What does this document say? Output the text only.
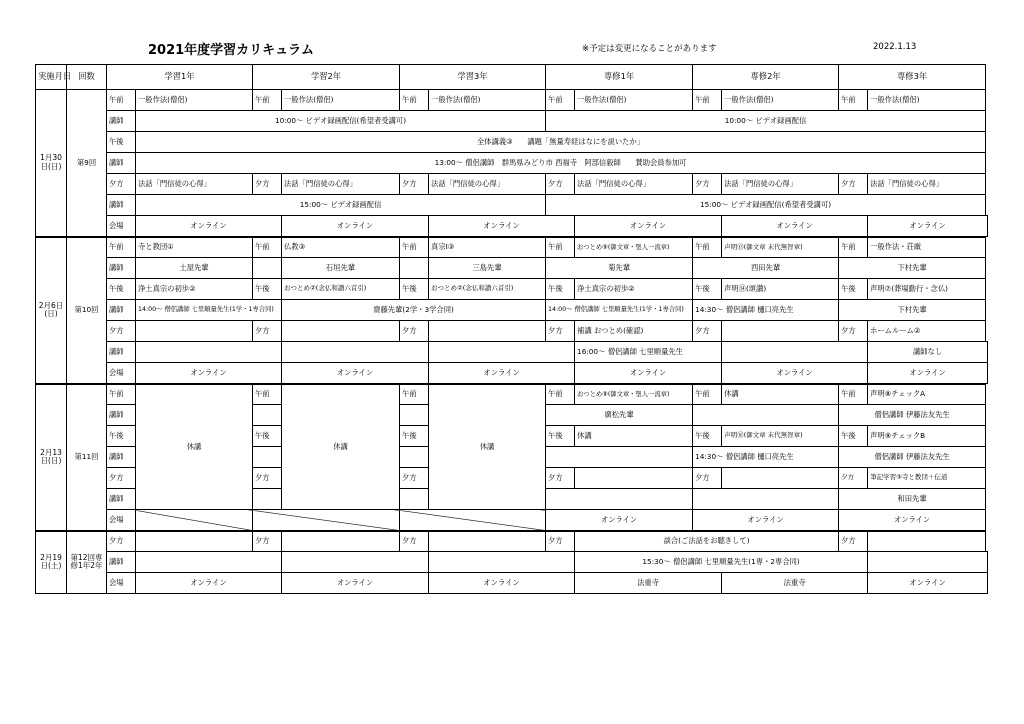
2021年度学習カリキュラム	※予定は変更になることがあります	2022.1.13
実施月日	回数	学習1年		学習2年		学習3年		専修1年		専修2年		専修3年	
1月30日(日)	第9回	午前	一般作法(僧侶)	午前	一般作法(僧侶)	午前	一般作法(僧侶)	午前	一般作法(僧侶)	午前	一般作法(僧侶)	午前	一般作法(僧侶)
		講師	10:00～ ビデオ録画配信(希望者受講可)					10:00～ ビデオ録画配信					
		午後	全体講義③　　講題「無量寿経はなにを説いたか」										
		講師	13:00～ 僧侶講師　群馬県みどり市 西福寺　阿部信毅師　　賛助会員参加可										
		夕方	法話「門信徒の心得」	夕方	法話「門信徒の心得」	夕方	法話「門信徒の心得」	夕方	法話「門信徒の心得」	夕方	法話「門信徒の心得」	夕方	法話「門信徒の心得」
		講師	15:00～ ビデオ録画配信					15:00～ ビデオ録画配信(希望者受講可)					
		会場	オンライン		オンライン		オンライン		オンライン		オンライン		オンライン
2月6日(日)	第10回	午前	寺と教団①	午前	仏教③	午前	真宗Ⅰ③	午前	おつとめ⑨(御文章・聖人一流章)	午前	声明⑬(御文章 末代無智章)	午前	一般作法・荘厳
		講師	土屋先輩		石垣先輩		三島先輩	菊先輩		西田先輩		下村先輩	
		午後	浄土真宗の初歩②	午後	おつとめ②(念仏和讃六首引)	午後	おつとめ②(念仏和讃六首引)	午後	浄土真宗の初歩②	午後	声明⑭(頌讃)	午後	声明⑦(葬場勤行・念仏)
		講師	14:00～ 僧侶講師 七里順量先生(1学・1専合同)		齋藤先輩(2学・3学合同)			14:00～ 僧侶講師 七里順量先生(1学・1専合同)		14:30～ 僧侶講師 樋口亮先生		下村先輩	
		夕方		夕方		夕方		夕方	補講 おつとめ(確認)	夕方		夕方	ホームルーム②
		講師							16:00～ 僧侶講師 七里順量先生				講師なし
		会場	オンライン		オンライン		オンライン		オンライン		オンライン		オンライン
2月13日(日)	第11回	午前	休講	午前	休講	午前	休講	午前	おつとめ⑨(御文章・聖人一流章)	午前	休講	午前	声明⑧チェックA
		講師						廣松先輩				僧侶講師 伊藤法友先生	
		午後		午後		午後		午後	休講	午後	声明⑯(御文章 末代無智章)	午後	声明⑨チェックB
		講師								14:30～ 僧侶講師 樋口亮先生		僧侶講師 伊藤法友先生	
		夕方		夕方		夕方		夕方		夕方		夕方	筆記学習③寺と教団＋伝道
		講師										和田先輩	
		会場						オンライン		オンライン		オンライン	
2月19日(土)	第12回専修1年2年	夕方		夕方		夕方		夕方	談合(ご法話をお聴きして)			夕方	
		講師							15:30～ 僧侶講師 七里順量先生(1専・2専合同)				
		会場	オンライン		オンライン		オンライン		法重寺		法重寺		オンライン
